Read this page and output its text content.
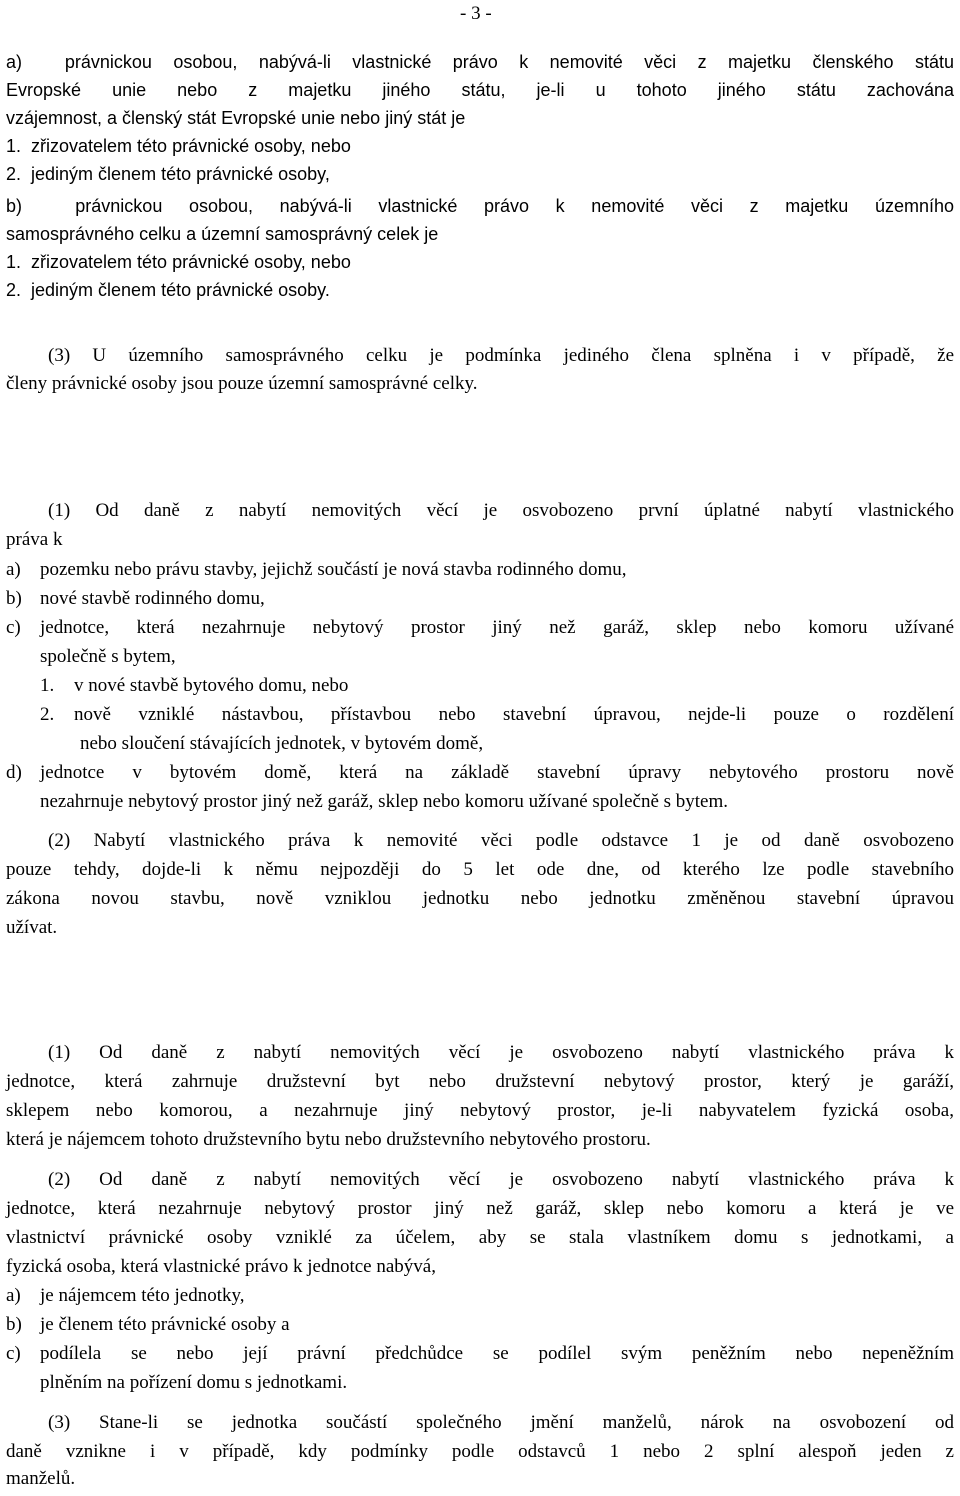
- 3 -
a)  právnickou osobou, nabývá-li vlastnické právo k nemovité věci z majetku členského státu
Evropské unie nebo z majetku jiného státu, je-li u tohoto jiného státu zachována
vzájemnost, a členský stát Evropské unie nebo jiný stát je
1.  zřizovatelem této právnické osoby, nebo
2.  jediným členem této právnické osoby,
b)  právnickou osobou, nabývá-li vlastnické právo k nemovité věci z majetku územního
samosprávného celku a územní samosprávný celek je
1.  zřizovatelem této právnické osoby, nebo
2.  jediným členem této právnické osoby.
(3) U územního samosprávného celku je podmínka jediného člena splněna i v případě, že
členy právnické osoby jsou pouze územní samosprávné celky.
(1) Od daně z nabytí nemovitých věcí je osvobozeno první úplatné nabytí vlastnického
práva k
a) pozemku nebo právu stavby, jejichž součástí je nová stavba rodinného domu,
b) nové stavbě rodinného domu,
c)	jednotce, která nezahrnuje nebytový prostor jiný než garáž, sklep nebo komoru užívané
společně s bytem,
1. v nové stavbě bytového domu, nebo
2.	nově vzniklé nástavbou, přístavbou nebo stavební úpravou, nejde-li pouze o rozdělení
nebo sloučení stávajících jednotek, v bytovém domě,
d) jednotce v bytovém domě, která na základě stavební úpravy nebytového prostoru nově
nezahrnuje nebytový prostor jiný než garáž, sklep nebo komoru užívané společně s bytem.
(2) Nabytí vlastnického práva k nemovité věci podle odstavce 1 je od daně osvobozeno
pouze tehdy, dojde-li k němu nejpozději do 5 let ode dne, od kterého lze podle stavebního
zákona novou stavbu, nově vzniklou jednotku nebo jednotku změněnou stavební úpravou
užívat.
(1) Od daně z nabytí nemovitých věcí je osvobozeno nabytí vlastnického práva k
jednotce, která zahrnuje družstevní byt nebo družstevní nebytový prostor, který je garáží,
sklepem nebo komorou, a nezahrnuje jiný nebytový prostor, je-li nabyvatelem fyzická osoba,
která je nájemcem tohoto družstevního bytu nebo družstevního nebytového prostoru.
(2) Od daně z nabytí nemovitých věcí je osvobozeno nabytí vlastnického práva k
jednotce, která nezahrnuje nebytový prostor jiný než garáž, sklep nebo komoru a která je ve
vlastnictví právnické osoby vzniklé za účelem, aby se stala vlastníkem domu s jednotkami, a
fyzická osoba, která vlastnické právo k jednotce nabývá,
a) je nájemcem této jednotky,
b) je členem této právnické osoby a
c)	podílela se nebo její právní předchůdce se podílel svým peněžním nebo nepeněžním
plněním na pořízení domu s jednotkami.
(3) Stane-li se jednotka součástí společného jmění manželů, nárok na osvobození od
daně vznikne i v případě, kdy podmínky podle odstavců 1 nebo 2 splní alespoň jeden z
manželů.
